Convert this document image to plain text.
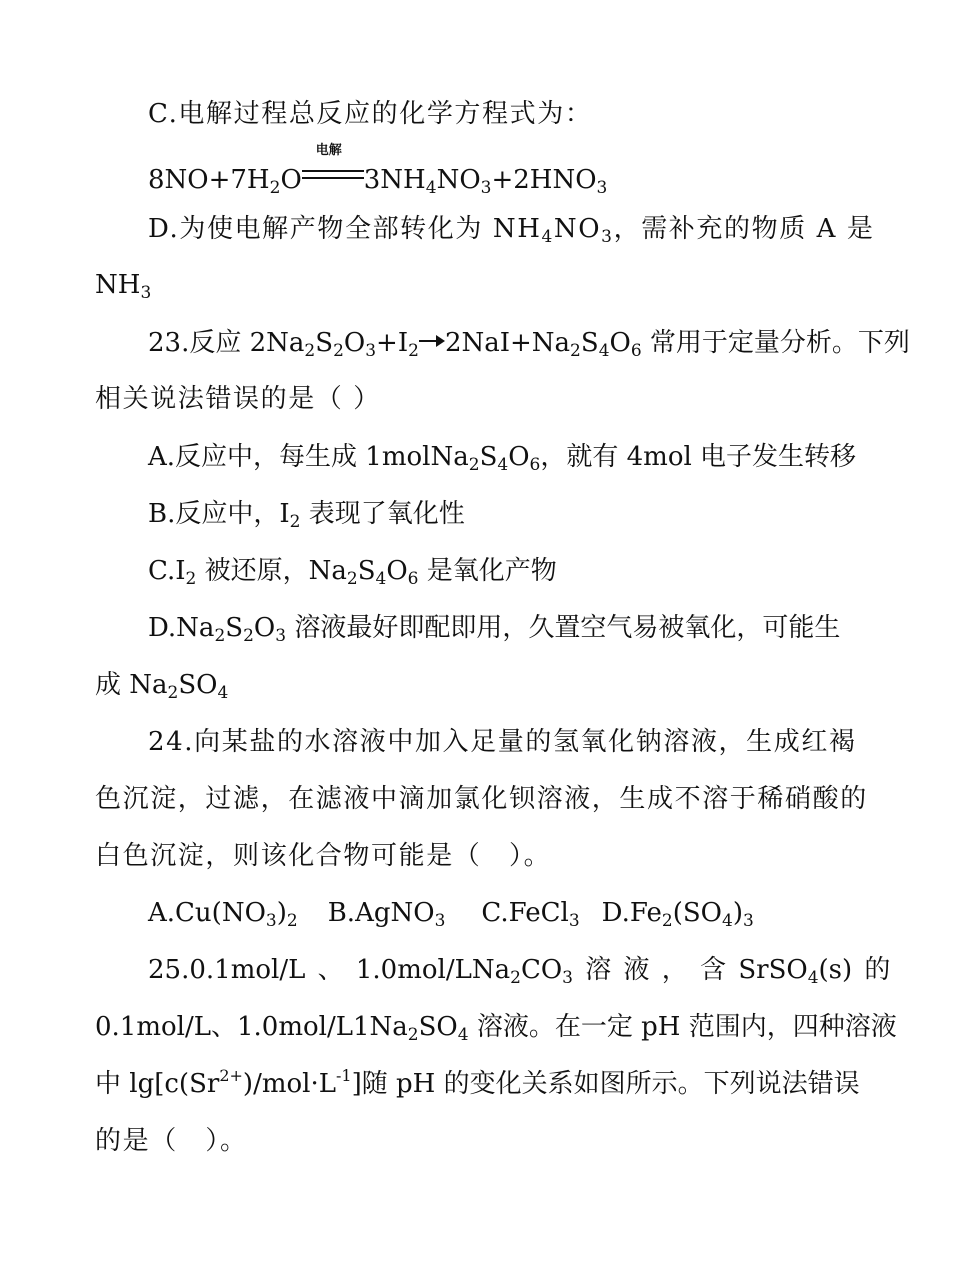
C.电解过程总反应的化学方程式为：
$8NO+7H_2O$
电解
$3NH_4NO_3+2HNO_3$
D.为使电解产物全部转化为 $NH_4NO_3$，需补充的物质 A 是
$NH_3$
23.反应 $2Na_2S_2O_3+I_2$ $2NaI+Na_2S_4O_6$ 常用于定量分析。下列
相关说法错误的是（ ）
A.反应中，每生成 $1molNa_2S_4O_6$，就有 4mol 电子发生转移
B.反应中，$I_2$ 表现了氧化性
$C.I_2$ 被还原，$Na_2S_4O_6$ 是氧化产物
$D.Na_2S_2O_3$ 溶液最好即配即用，久置空气易被氧化，可能生
成 $Na_2SO_4$
24.向某盐的水溶液中加入足量的氢氧化钠溶液，生成红褐
色沉淀，过滤，在滤液中滴加氯化钡溶液，生成不溶于稀硝酸的
白色沉淀，则该化合物可能是（　）。
$A.Cu(NO_3)_2$ B.AgNO$_3$ C.FeCl$_3$ $D.Fe_2(SO_4)_3$
25.0.1mol/L 、 $1.0mol/LNa_2CO_3$ 溶 液 ， 含 SrSO$_4$(s) 的
0.1mol/L、$1.0mol/L1Na_2SO_4$ 溶液。在一定 pH 范围内，四种溶液
中 $\lg[c(Sr^{2+})/mol\cdot L^{-1}]$随 pH 的变化关系如图所示。下列说法错误
的是（　）。
